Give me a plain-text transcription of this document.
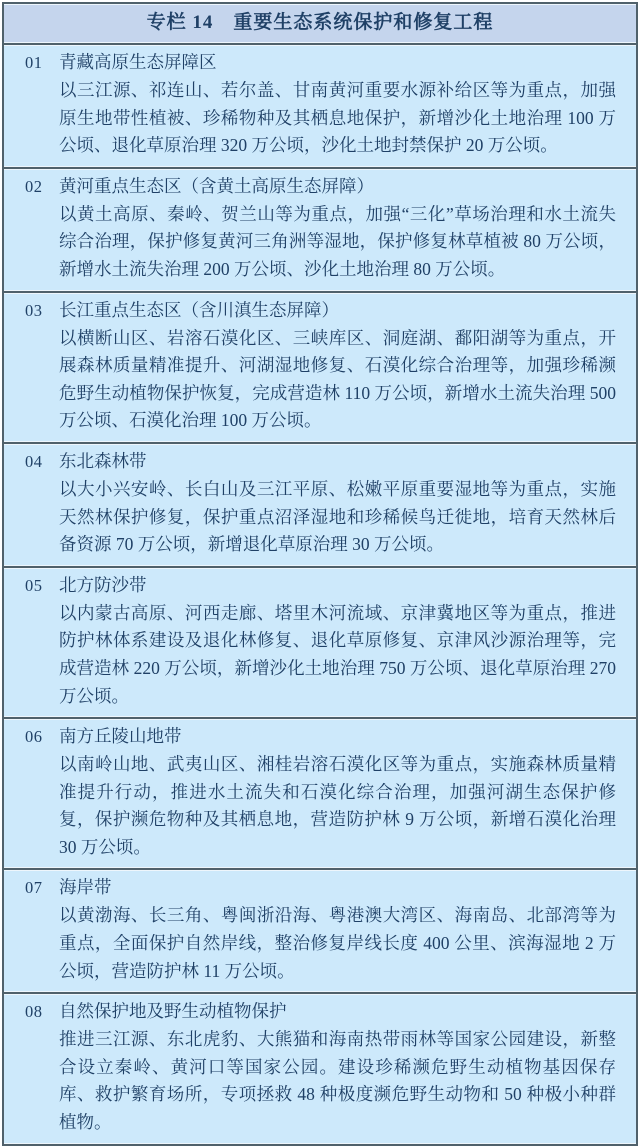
专栏 14　重要生态系统保护和修复工程
01 青藏高原生态屏障区

以三江源、祁连山、若尔盖、甘南黄河重要水源补给区等为重点，加强原生地带性植被、珍稀物种及其栖息地保护，新增沙化土地治理 100 万公顷、退化草原治理 320 万公顷，沙化土地封禁保护 20 万公顷。

02 黄河重点生态区（含黄土高原生态屏障）

以黄土高原、秦岭、贺兰山等为重点，加强“三化”草场治理和水土流失综合治理，保护修复黄河三角洲等湿地，保护修复林草植被 80 万公顷，新增水土流失治理 200 万公顷、沙化土地治理 80 万公顷。

03 长江重点生态区（含川滇生态屏障）

以横断山区、岩溶石漠化区、三峡库区、洞庭湖、鄱阳湖等为重点，开展森林质量精准提升、河湖湿地修复、石漠化综合治理等，加强珍稀濒危野生动植物保护恢复，完成营造林 110 万公顷，新增水土流失治理 500 万公顷、石漠化治理 100 万公顷。

04 东北森林带

以大小兴安岭、长白山及三江平原、松嫩平原重要湿地等为重点，实施天然林保护修复，保护重点沼泽湿地和珍稀候鸟迁徙地，培育天然林后备资源 70 万公顷，新增退化草原治理 30 万公顷。

05 北方防沙带

以内蒙古高原、河西走廊、塔里木河流域、京津冀地区等为重点，推进防护林体系建设及退化林修复、退化草原修复、京津风沙源治理等，完成营造林 220 万公顷，新增沙化土地治理 750 万公顷、退化草原治理 270 万公顷。

06 南方丘陵山地带

以南岭山地、武夷山区、湘桂岩溶石漠化区等为重点，实施森林质量精准提升行动，推进水土流失和石漠化综合治理，加强河湖生态保护修复，保护濒危物种及其栖息地，营造防护林 9 万公顷，新增石漠化治理 30 万公顷。

07 海岸带

以黄渤海、长三角、粤闽浙沿海、粤港澳大湾区、海南岛、北部湾等为重点，全面保护自然岸线，整治修复岸线长度 400 公里、滨海湿地 2 万公顷，营造防护林 11 万公顷。

08 自然保护地及野生动植物保护

推进三江源、东北虎豹、大熊猫和海南热带雨林等国家公园建设，新整合设立秦岭、黄河口等国家公园。建设珍稀濒危野生动植物基因保存库、救护繁育场所，专项拯救 48 种极度濒危野生动物和 50 种极小种群植物。
